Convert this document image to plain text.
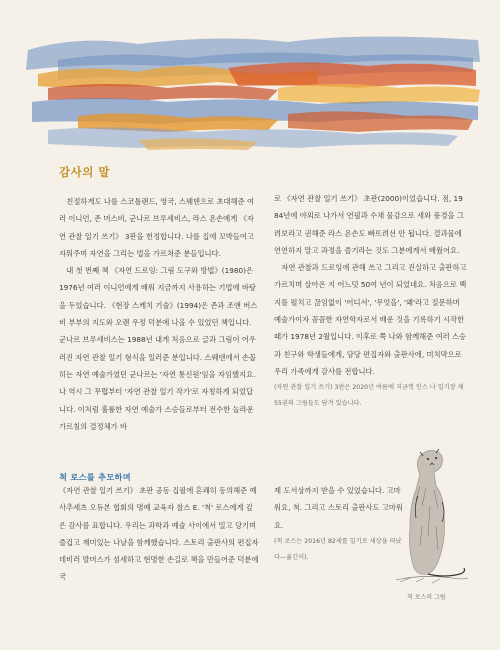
감사의 말

친절하게도 나를 스코틀랜드, 영국, 스웨덴으로 초대해준 여러 이니언, 존 머스비, 군나르 브루세비스, 라스 욘손에게 《자연 관찰 일기 쓰기》 3판을 헌정합니다. 나를 집에 꼬박들여고 자뭐주며 자연을 그리는 법을 가르쳐준 분들입니다.

내 첫 번째 책 《자연 드로잉: 그림 도구와 방법》(1980)은 1976년 여러 이니언에게 배워 지금까지 사용하는 기법에 바탕을 두었습니다. 《현장 스케치 기술》(1994)은 존과 조앤 버스비 부부의 지도와 오랜 우정 덕분에 나올 수 있었던 책입니다. 군나르 브루세비스는 1988년 내게 처음으로 글과 그림이 어우러진 자연 관찰 일기 형식을 일러준 분입니다. 스웨덴에서 손꼽히는 자연 예술가였던 군나르는 '자연 통신원'임을 자임했지요. 나 역시 그 무렵부터 '자연 관찰 일기 작가'로 자칭하게 되었답니다. 이처럼 훌륭한 자연 예술가 스승들로부터 전수한 놀라운 가르침의 결정체가 바

로 《자연 관찰 일기 쓰기》 초판(2000)이었습니다. 점, 1984년에 야외로 나가서 연필과 수채 물감으로 새와 풍경을 그려보라고 권해준 라스 욘손도 빠뜨려선 안 됩니다. 결과물에 연연하지 말고 과정을 즐기라는 것도 그분에게서 배웠어요.

자연 관찰과 드로잉에 관해 쓰고 그리고 진실하고 출판하고 가르치며 살아온 지 어느덧 50여 년이 되었네요. 처음으로 백지를 펼치고 끊임없이 '어디서', '무엇을', '왜'라고 질문하며 예술가이자 꼼꼼한 자연학자로서 배운 것을 기록하기 시작한 때가 1978년 2월입니다. 이후로 쭉 나와 함께해준 여러 스승과 친구와 학생들에게, 담당 편집자와 출판사에, 미치막으로 우리 가족에게 감사를 전합니다.

(자연 관찰 일기 쓰기) 3판은 2020년 여름에 지금껏 인스 나 일기장 제55권의 그림들도 담겨 있습니다.

척 로스를 추모하며

《자연 관찰 일기 쓰기》 초판 공동 집필에 흔쾌히 동의해준 예사추세츠 오듀본 협회의 명예 교육자 찰스 E. '척' 로스에게 깊은 감사를 표합니다. 우리는 과학과 예술 사이에서 밀고 당기며 즐겁고 재미있는 나날을 함께했습니다. 스토리 출판사의 편집자 데비러 발머스가 섬세하고 현명한 손길로 책을 만들어준 덕분에 국

제 도서상까지 받을 수 있었습니다. 고마워요, 척. 그리고 스토리 출판사도 고마워요.

(척 로스는 2016년 82세를 일기로 세상을 떠났다—옮긴이).

척 로스의 그림
